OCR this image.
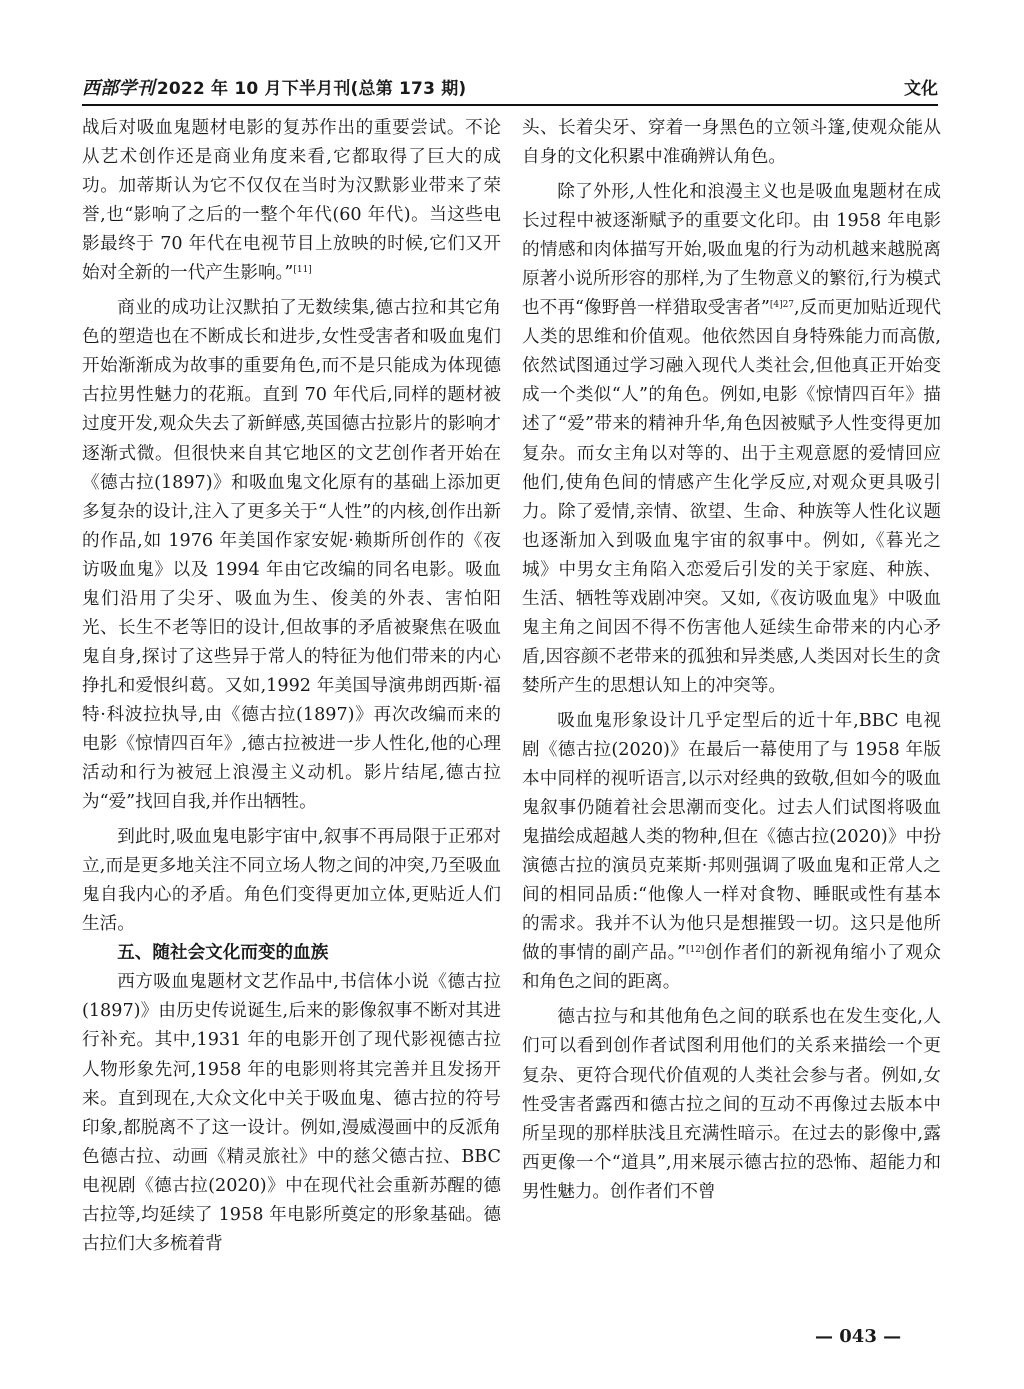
西部学刊 2022 年 10 月下半月刊(总第 173 期)	文化

战后对吸血鬼题材电影的复苏作出的重要尝试。不论从艺术创作还是商业角度来看,它都取得了巨大的成功。加蒂斯认为它不仅仅在当时为汉默影业带来了荣誉,也“影响了之后的一整个年代(60 年代)。当这些电影最终于 70 年代在电视节目上放映的时候,它们又开始对全新的一代产生影响。”[11]

商业的成功让汉默拍了无数续集,德古拉和其它角色的塑造也在不断成长和进步,女性受害者和吸血鬼们开始渐渐成为故事的重要角色,而不是只能成为体现德古拉男性魅力的花瓶。直到 70 年代后,同样的题材被过度开发,观众失去了新鲜感,英国德古拉影片的影响才逐渐式微。但很快来自其它地区的文艺创作者开始在《德古拉(1897)》和吸血鬼文化原有的基础上添加更多复杂的设计,注入了更多关于“人性”的内核,创作出新的作品,如 1976 年美国作家安妮·赖斯所创作的《夜访吸血鬼》以及 1994 年由它改编的同名电影。吸血鬼们沿用了尖牙、吸血为生、俊美的外表、害怕阳光、长生不老等旧的设计,但故事的矛盾被聚焦在吸血鬼自身,探讨了这些异于常人的特征为他们带来的内心挣扎和爱恨纠葛。又如,1992 年美国导演弗朗西斯·福特·科波拉执导,由《德古拉(1897)》再次改编而来的电影《惊情四百年》,德古拉被进一步人性化,他的心理活动和行为被冠上浪漫主义动机。影片结尾,德古拉为“爱”找回自我,并作出牺牲。

到此时,吸血鬼电影宇宙中,叙事不再局限于正邪对立,而是更多地关注不同立场人物之间的冲突,乃至吸血鬼自我内心的矛盾。角色们变得更加立体,更贴近人们生活。

五、随社会文化而变的血族

西方吸血鬼题材文艺作品中,书信体小说《德古拉(1897)》由历史传说诞生,后来的影像叙事不断对其进行补充。其中,1931 年的电影开创了现代影视德古拉人物形象先河,1958 年的电影则将其完善并且发扬开来。直到现在,大众文化中关于吸血鬼、德古拉的符号印象,都脱离不了这一设计。例如,漫威漫画中的反派角色德古拉、动画《精灵旅社》中的慈父德古拉、BBC 电视剧《德古拉(2020)》中在现代社会重新苏醒的德古拉等,均延续了 1958 年电影所奠定的形象基础。德古拉们大多梳着背

头、长着尖牙、穿着一身黑色的立领斗篷,使观众能从自身的文化积累中准确辨认角色。

除了外形,人性化和浪漫主义也是吸血鬼题材在成长过程中被逐渐赋予的重要文化印。由 1958 年电影的情感和肉体描写开始,吸血鬼的行为动机越来越脱离原著小说所形容的那样,为了生物意义的繁衍,行为模式也不再“像野兽一样猎取受害者”$^{[4]27}$,反而更加贴近现代人类的思维和价值观。他依然因自身特殊能力而高傲,依然试图通过学习融入现代人类社会,但他真正开始变成一个类似“人”的角色。例如,电影《惊情四百年》描述了“爱”带来的精神升华,角色因被赋予人性变得更加复杂。而女主角以对等的、出于主观意愿的爱情回应他们,使角色间的情感产生化学反应,对观众更具吸引力。除了爱情,亲情、欲望、生命、种族等人性化议题也逐渐加入到吸血鬼宇宙的叙事中。例如,《暮光之城》中男女主角陷入恋爱后引发的关于家庭、种族、生活、牺牲等戏剧冲突。又如,《夜访吸血鬼》中吸血鬼主角之间因不得不伤害他人延续生命带来的内心矛盾,因容颜不老带来的孤独和异类感,人类因对长生的贪婪所产生的思想认知上的冲突等。

吸血鬼形象设计几乎定型后的近十年,BBC 电视剧《德古拉(2020)》在最后一幕使用了与 1958 年版本中同样的视听语言,以示对经典的致敬,但如今的吸血鬼叙事仍随着社会思潮而变化。过去人们试图将吸血鬼描绘成超越人类的物种,但在《德古拉(2020)》中扮演德古拉的演员克莱斯·邦则强调了吸血鬼和正常人之间的相同品质:“他像人一样对食物、睡眠或性有基本的需求。我并不认为他只是想摧毁一切。这只是他所做的事情的副产品。”[12]创作者们的新视角缩小了观众和角色之间的距离。

德古拉与和其他角色之间的联系也在发生变化,人们可以看到创作者试图利用他们的关系来描绘一个更复杂、更符合现代价值观的人类社会参与者。例如,女性受害者露西和德古拉之间的互动不再像过去版本中所呈现的那样肤浅且充满性暗示。在过去的影像中,露西更像一个“道具”,用来展示德古拉的恐怖、超能力和男性魅力。创作者们不曾

— 043 —
